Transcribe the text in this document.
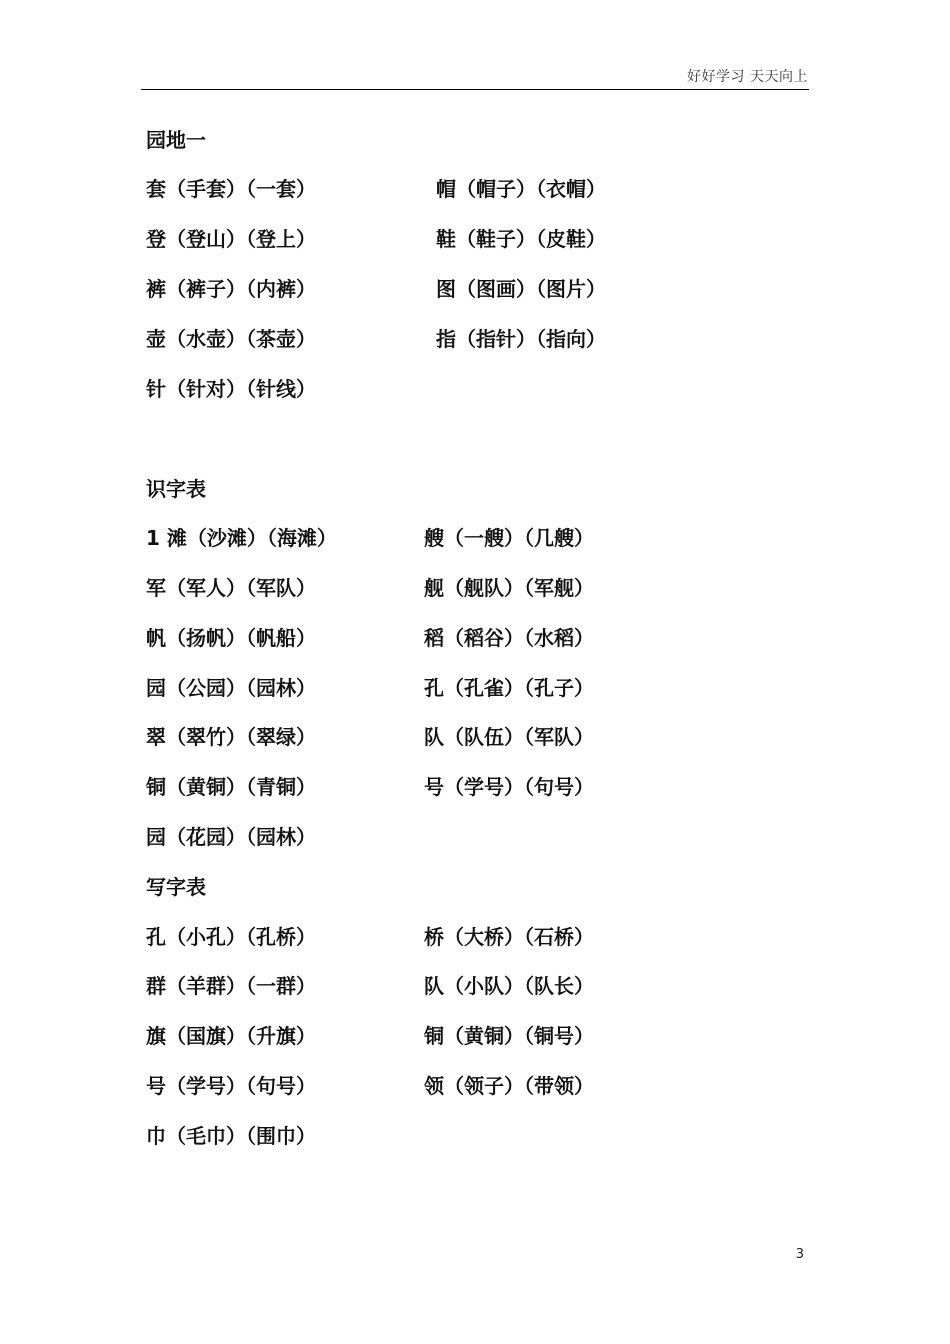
好好学习 天天向上
园地一
套（手套）（一套）	帽（帽子）（衣帽）
登（登山）（登上）	鞋（鞋子）（皮鞋）
裤（裤子）（内裤）	图（图画）（图片）
壶（水壶）（茶壶）	指（指针）（指向）
针（针对）（针线）
识字表
1 滩（沙滩）（海滩）	艘（一艘）（几艘）
军（军人）（军队）	舰（舰队）（军舰）
帆（扬帆）（帆船）	稻（稻谷）（水稻）
园（公园）（园林）	孔（孔雀）（孔子）
翠（翠竹）（翠绿）	队（队伍）（军队）
铜（黄铜）（青铜）	号（学号）（句号）
园（花园）（园林）
写字表
孔（小孔）（孔桥）	桥（大桥）（石桥）
群（羊群）（一群）	队（小队）（队长）
旗（国旗）（升旗）	铜（黄铜）（铜号）
号（学号）（句号）	领（领子）（带领）
巾（毛巾）（围巾）
3
